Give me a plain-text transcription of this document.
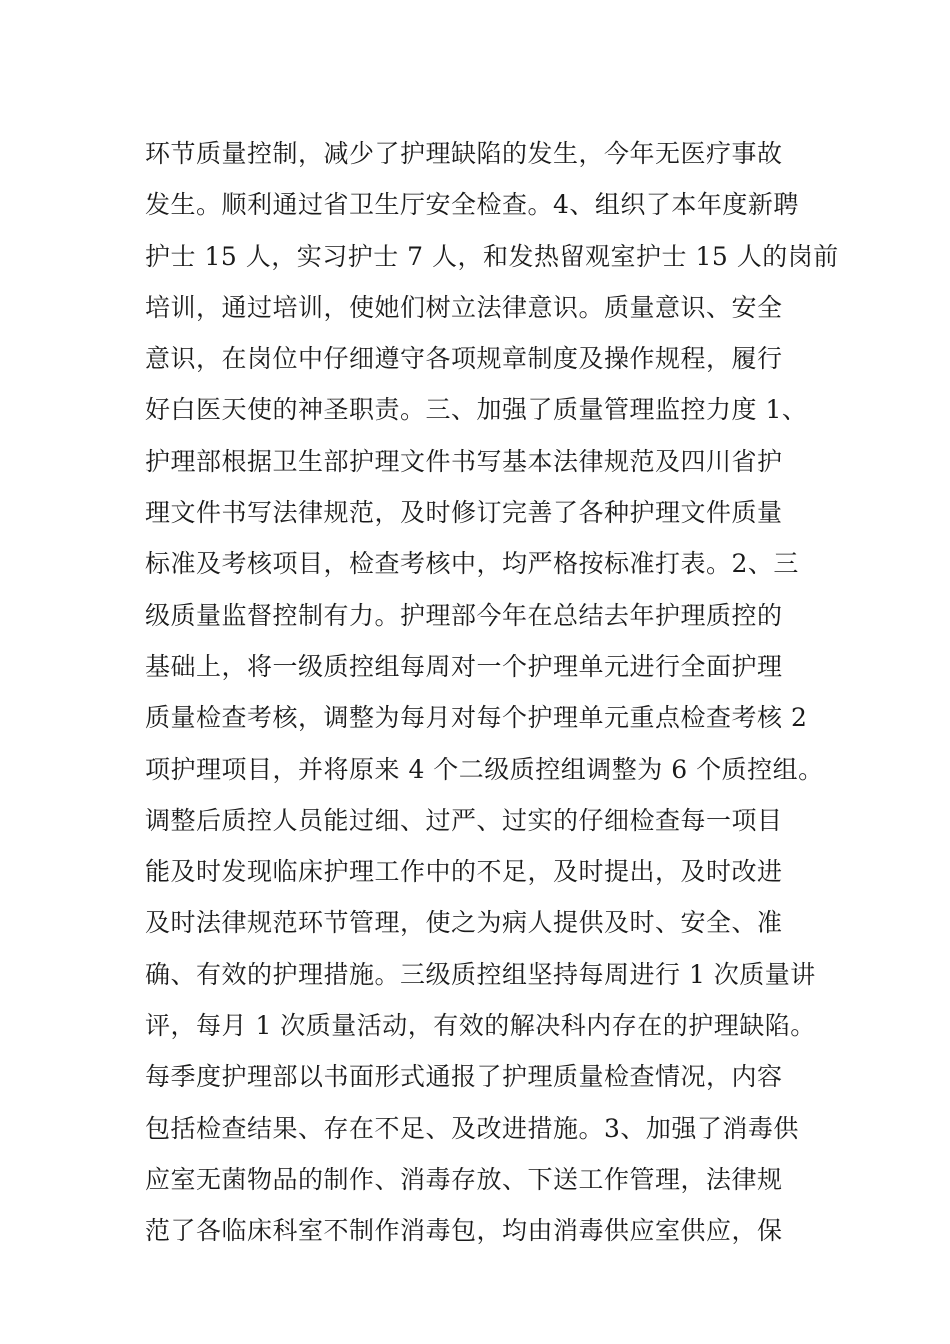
环节质量控制，减少了护理缺陷的发生，今年无医疗事故
发生。顺利通过省卫生厅安全检查。4、组织了本年度新聘
护士 15 人，实习护士 7 人，和发热留观室护士 15 人的岗前
培训，通过培训，使她们树立法律意识。质量意识、安全
意识，在岗位中仔细遵守各项规章制度及操作规程，履行
好白医天使的神圣职责。三、加强了质量管理监控力度 1、
护理部根据卫生部护理文件书写基本法律规范及四川省护
理文件书写法律规范，及时修订完善了各种护理文件质量
标准及考核项目，检查考核中，均严格按标准打表。2、三
级质量监督控制有力。护理部今年在总结去年护理质控的
基础上，将一级质控组每周对一个护理单元进行全面护理
质量检查考核，调整为每月对每个护理单元重点检查考核 2
项护理项目，并将原来 4 个二级质控组调整为 6 个质控组。
调整后质控人员能过细、过严、过实的仔细检查每一项目
能及时发现临床护理工作中的不足，及时提出，及时改进
及时法律规范环节管理，使之为病人提供及时、安全、准
确、有效的护理措施。三级质控组坚持每周进行 1 次质量讲
评，每月 1 次质量活动，有效的解决科内存在的护理缺陷。
每季度护理部以书面形式通报了护理质量检查情况，内容
包括检查结果、存在不足、及改进措施。3、加强了消毒供
应室无菌物品的制作、消毒存放、下送工作管理，法律规
范了各临床科室不制作消毒包，均由消毒供应室供应，保
